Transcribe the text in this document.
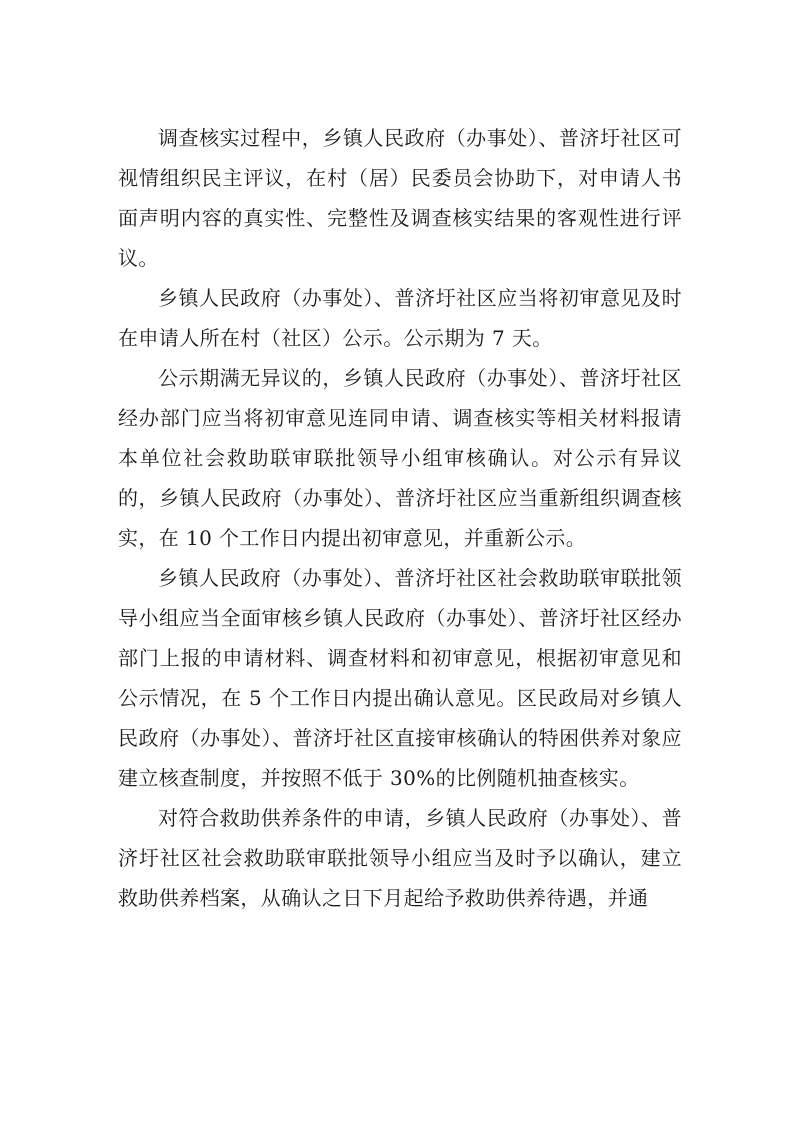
调查核实过程中，乡镇人民政府（办事处）、普济圩社区可视情组织民主评议，在村（居）民委员会协助下，对申请人书面声明内容的真实性、完整性及调查核实结果的客观性进行评议。

乡镇人民政府（办事处）、普济圩社区应当将初审意见及时在申请人所在村（社区）公示。公示期为 7 天。

公示期满无异议的，乡镇人民政府（办事处）、普济圩社区经办部门应当将初审意见连同申请、调查核实等相关材料报请本单位社会救助联审联批领导小组审核确认。对公示有异议的，乡镇人民政府（办事处）、普济圩社区应当重新组织调查核实，在 10 个工作日内提出初审意见，并重新公示。

乡镇人民政府（办事处）、普济圩社区社会救助联审联批领导小组应当全面审核乡镇人民政府（办事处）、普济圩社区经办部门上报的申请材料、调查材料和初审意见，根据初审意见和公示情况，在 5 个工作日内提出确认意见。区民政局对乡镇人民政府（办事处）、普济圩社区直接审核确认的特困供养对象应建立核查制度，并按照不低于 30%的比例随机抽查核实。

对符合救助供养条件的申请，乡镇人民政府（办事处）、普济圩社区社会救助联审联批领导小组应当及时予以确认，建立救助供养档案，从确认之日下月起给予救助供养待遇，并通
